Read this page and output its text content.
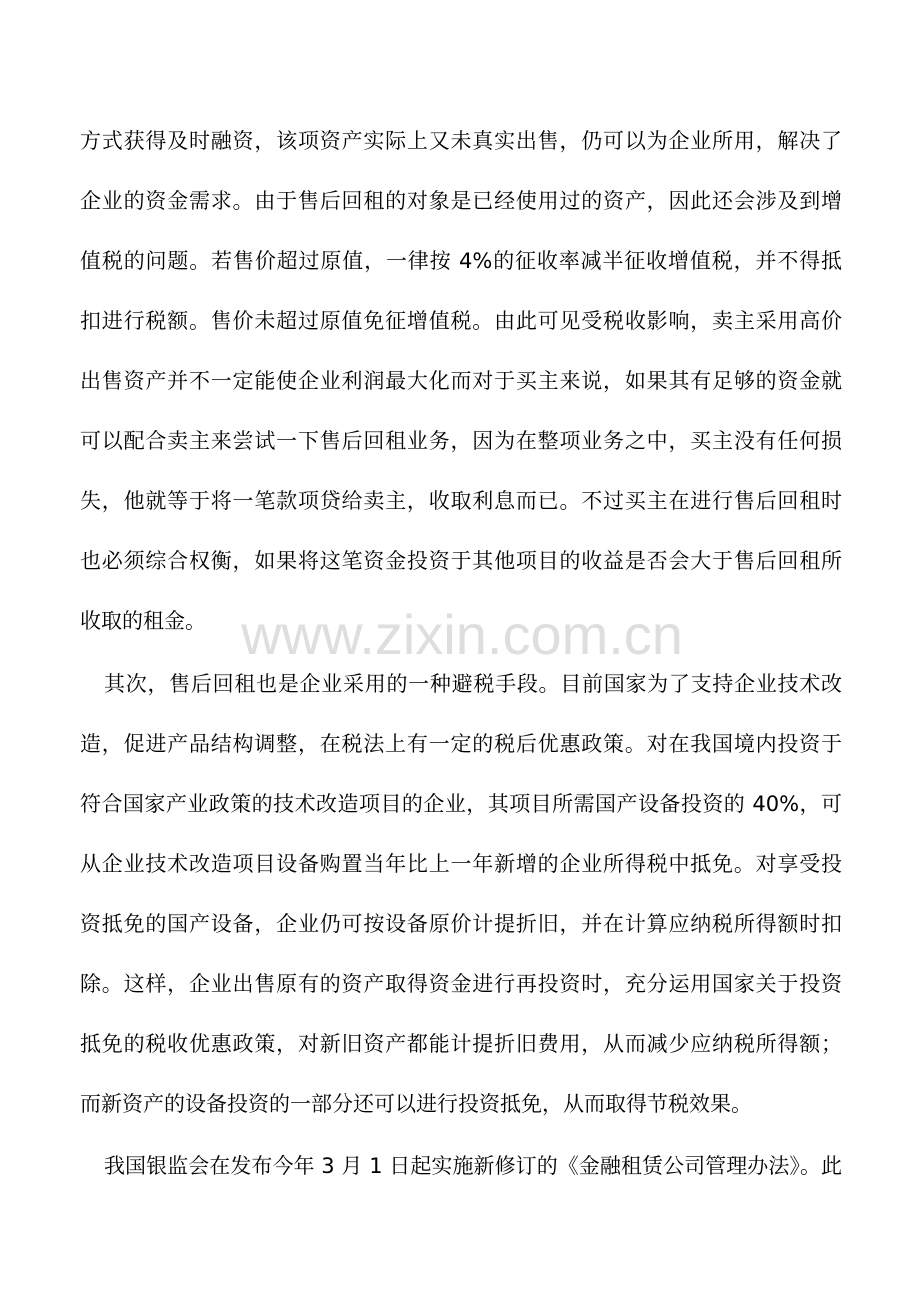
www.zixin.com.cn
方式获得及时融资，该项资产实际上又未真实出售，仍可以为企业所用，解决了
企业的资金需求。由于售后回租的对象是已经使用过的资产，因此还会涉及到增
值税的问题。若售价超过原值，一律按 4%的征收率减半征收增值税，并不得抵
扣进行税额。售价未超过原值免征增值税。由此可见受税收影响，卖主采用高价
出售资产并不一定能使企业利润最大化而对于买主来说，如果其有足够的资金就
可以配合卖主来尝试一下售后回租业务，因为在整项业务之中，买主没有任何损
失，他就等于将一笔款项贷给卖主，收取利息而已。不过买主在进行售后回租时
也必须综合权衡，如果将这笔资金投资于其他项目的收益是否会大于售后回租所
收取的租金。
其次，售后回租也是企业采用的一种避税手段。目前国家为了支持企业技术改
造，促进产品结构调整，在税法上有一定的税后优惠政策。对在我国境内投资于
符合国家产业政策的技术改造项目的企业，其项目所需国产设备投资的 40%，可
从企业技术改造项目设备购置当年比上一年新增的企业所得税中抵免。对享受投
资抵免的国产设备，企业仍可按设备原价计提折旧，并在计算应纳税所得额时扣
除。这样，企业出售原有的资产取得资金进行再投资时，充分运用国家关于投资
抵免的税收优惠政策，对新旧资产都能计提折旧费用，从而减少应纳税所得额；
而新资产的设备投资的一部分还可以进行投资抵免，从而取得节税效果。
我国银监会在发布今年 3 月 1 日起实施新修订的《金融租赁公司管理办法》。此
